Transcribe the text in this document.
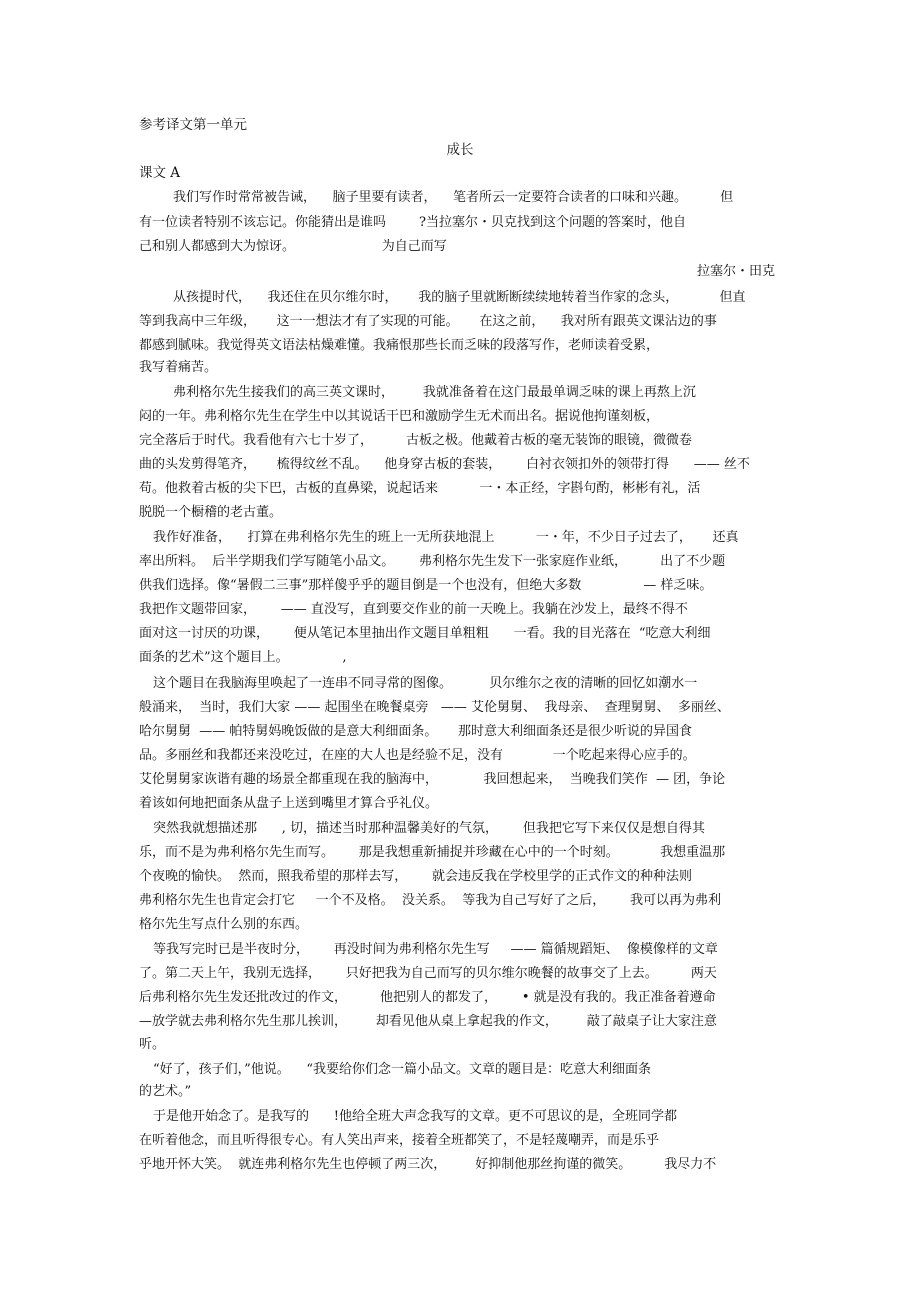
参考译文第一单元
成长
课文 A
我们写作时常常被告诫，    脑子里要有读者，    笔者所云一定要符合读者的口味和兴趣。        但
有一位读者特别不该忘记。你能猜出是谁吗        ?当拉塞尔・贝克找到这个问题的答案时，他自
己和别人都感到大为惊讶。                     为自己而写
拉塞尔・田克
从孩提时代，    我还住在贝尔维尔时，     我的脑子里就断断续续地转着当作家的念头，          但直
等到我高中三年级，     这一一想法才有了实现的可能。     在这之前，    我对所有跟英文课沾边的事
都感到腻味。我觉得英文语法枯燥难懂。我痛恨那些长而乏味的段落写作，老师读着受累，
我写着痛苦。
弗利格尔先生接我们的高三英文课时，       我就准备着在这门最最单调乏味的课上再熬上沉
闷的一年。弗利格尔先生在学生中以其说话干巴和激励学生无术而出名。据说他拘谨刻板，
完全落后于时代。我看他有六七十岁了，        古板之极。他戴着古板的毫无装饰的眼镜，微微卷
曲的头发剪得笔齐，     梳得纹丝不乱。    他身穿古板的套装，      白衬衣领扣外的领带打得      —— 丝不
苟。他救着古板的尖下巴，古板的直鼻梁，说起话来          一・本正经，字斟句酌，彬彬有礼，活
脱脱一个橱稽的老古董。
我作好准备，    打算在弗利格尔先生的班上一无所获地混上          一・年，不少日子过去了，     还真
率出所料。  后半学期我们学写随笔小品文。      弗利格尔先生发下一张家庭作业纸，        出了不少题
供我们选择。像“暑假二三事”那样傻乎乎的题目倒是一个也没有，但绝大多数               — 样乏味。
我把作文题带回家，      —— 直没写，直到要交作业的前一天晚上。我躺在沙发上，最终不得不
面对这一讨厌的功课，      便从笔记本里抽出作文题目单粗粗      一看。我的目光落在  “吃意大利细
面条的艺术”这个题目上。             ,
这个题目在我脑海里唤起了一连串不同寻常的图像。         贝尔维尔之夜的清晰的回忆如潮水一
般涌来，  当时，我们大家 —— 起围坐在晚餐桌旁   —— 艾伦舅舅、  我母亲、  查理舅舅、  多丽丝、
哈尔舅舅  —— 帕特舅妈晚饭做的是意大利细面条。     那时意大利细面条还是很少听说的异国食
品。多丽丝和我都还来没吃过，在座的大人也是经验不足，没有            一个吃起来得心应手的。
艾伦舅舅家诙谐有趣的场景全都重现在我的脑海中，           我回想起来，  当晚我们笑作  — 团，争论
着该如何地把面条从盘子上送到嘴里才算合乎礼仪。
突然我就想描述那      , 切，描述当时那种温馨美好的气氛，      但我把它写下来仅仅是想自得其
乐，而不是为弗利格尔先生而写。      那是我想重新捕捉并珍藏在心中的一个时刻。          我想重温那
个夜晚的愉快。  然而，照我希望的那样去写，      就会违反我在学校里学的正式作文的种种法则
弗利格尔先生也肯定会打它     一个不及格。  没关系。  等我为自己写好了之后，      我可以再为弗利
格尔先生写点什么别的东西。
等我写完时已是半夜时分，      再没时间为弗利格尔先生写     —— 篇循规蹈矩、  像模像样的文章
了。第二天上午，我别无选择，      只好把我为自己而写的贝尔维尔晚餐的故事交了上去。        两天
后弗利格尔先生发还批改过的作文，        他把别人的都发了，      • 就是没有我的。我正准备着遵命
—放学就去弗利格尔先生那儿挨训，       却看见他从桌上拿起我的作文，       敲了敲桌子让大家注意
听。
“好了，孩子们，”他说。    “我要给你们念一篇小品文。文章的题目是：吃意大利细面条
的艺术。”
于是他开始念了。是我写的      !他给全班大声念我写的文章。更不可思议的是，全班同学都
在听着他念，而且听得很专心。有人笑出声来，接着全班都笑了，不是轻蔑嘲弄，而是乐乎
乎地开怀大笑。  就连弗利格尔先生也停顿了两三次，       好抑制他那丝拘谨的微笑。        我尽力不
